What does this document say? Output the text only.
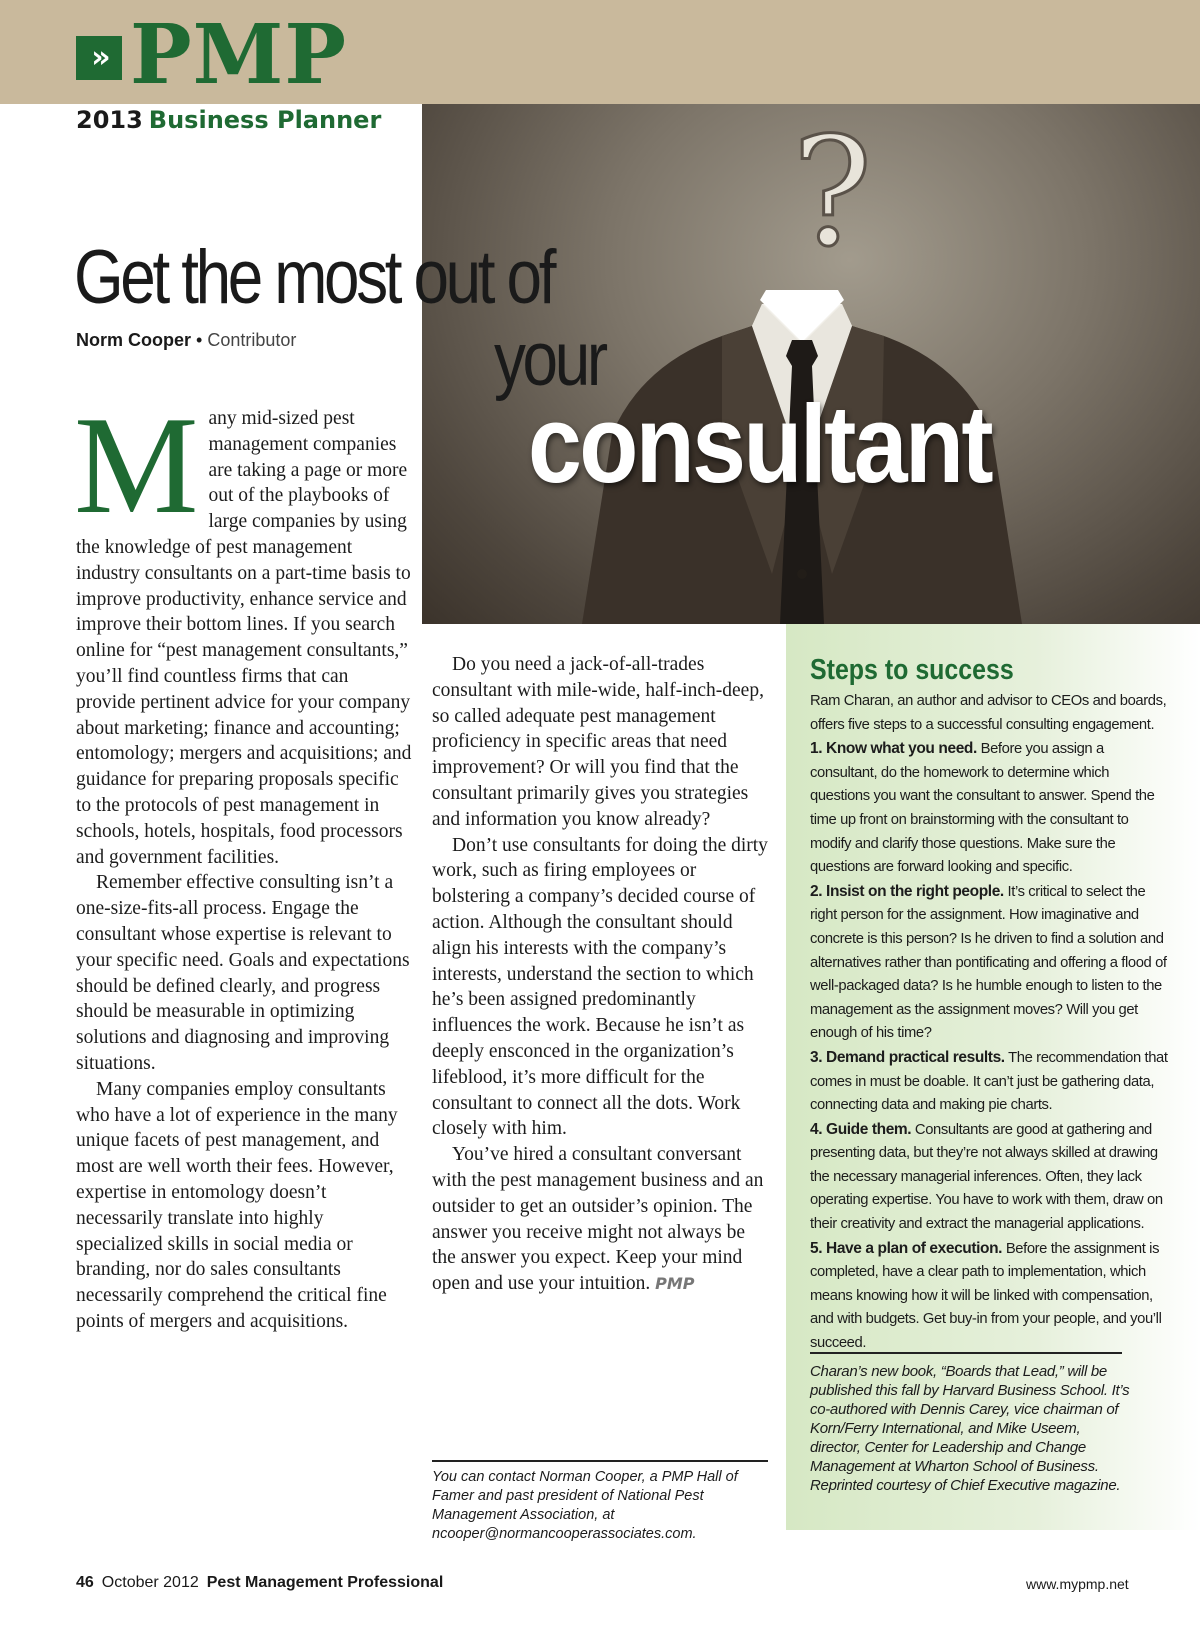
» PMP
2013 Business Planner	?
Get the most out of
your
consultant
Norm Cooper • Contributor

Many mid-sized pest management companies are taking a page or more out of the playbooks of large companies by using the knowledge of pest management industry consultants on a part-time basis to improve productivity, enhance service and improve their bottom lines. If you search online for “pest management consultants,” you’ll find countless firms that can provide pertinent advice for your company about marketing; finance and accounting; entomology; mergers and acquisitions; and guidance for preparing proposals specific to the protocols of pest management in schools, hotels, hospitals, food processors and government facilities.

Remember effective consulting isn’t a one-size-fits-all process. Engage the consultant whose expertise is relevant to your specific need. Goals and expectations should be defined clearly, and progress should be measurable in optimizing solutions and diagnosing and improving situations.

Many companies employ consultants who have a lot of experience in the many unique facets of pest management, and most are well worth their fees. However, expertise in entomology doesn’t necessarily translate into highly specialized skills in social media or branding, nor do sales consultants necessarily comprehend the critical fine points of mergers and acquisitions.

Do you need a jack-of-all-trades consultant with mile-wide, half-inch-deep, so called adequate pest management proficiency in specific areas that need improvement? Or will you find that the consultant primarily gives you strategies and information you know already?

Don’t use consultants for doing the dirty work, such as firing employees or bolstering a company’s decided course of action. Although the consultant should align his interests with the company’s interests, understand the section to which he’s been assigned predominantly influences the work. Because he isn’t as deeply ensconced in the organization’s lifeblood, it’s more difficult for the consultant to connect all the dots. Work closely with him.

You’ve hired a consultant conversant with the pest management business and an outsider to get an outsider’s opinion. The answer you receive might not always be the answer you expect. Keep your mind open and use your intuition. PMP

You can contact Norman Cooper, a PMP Hall of Famer and past president of National Pest Management Association, at ncooper@normancooperassociates.com.
Steps to success

Ram Charan, an author and advisor to CEOs and boards, offers five steps to a successful consulting engagement.

1. Know what you need. Before you assign a consultant, do the homework to determine which questions you want the consultant to answer. Spend the time up front on brainstorming with the consultant to modify and clarify those questions. Make sure the questions are forward looking and specific.

2. Insist on the right people. It’s critical to select the right person for the assignment. How imaginative and concrete is this person? Is he driven to find a solution and alternatives rather than pontificating and offering a flood of well-packaged data? Is he humble enough to listen to the management as the assignment moves? Will you get enough of his time?

3. Demand practical results. The recommendation that comes in must be doable. It can’t just be gathering data, connecting data and making pie charts.

4. Guide them. Consultants are good at gathering and presenting data, but they’re not always skilled at drawing the necessary managerial inferences. Often, they lack operating expertise. You have to work with them, draw on their creativity and extract the managerial applications.

5. Have a plan of execution. Before the assignment is completed, have a clear path to implementation, which means knowing how it will be linked with compensation, and with budgets. Get buy-in from your people, and you’ll succeed.

Charan’s new book, “Boards that Lead,” will be published this fall by Harvard Business School. It’s co-authored with Dennis Carey, vice chairman of Korn/Ferry International, and Mike Useem, director, Center for Leadership and Change Management at Wharton School of Business. Reprinted courtesy of Chief Executive magazine.
46 October 2012 Pest Management Professional	www.mypmp.net
